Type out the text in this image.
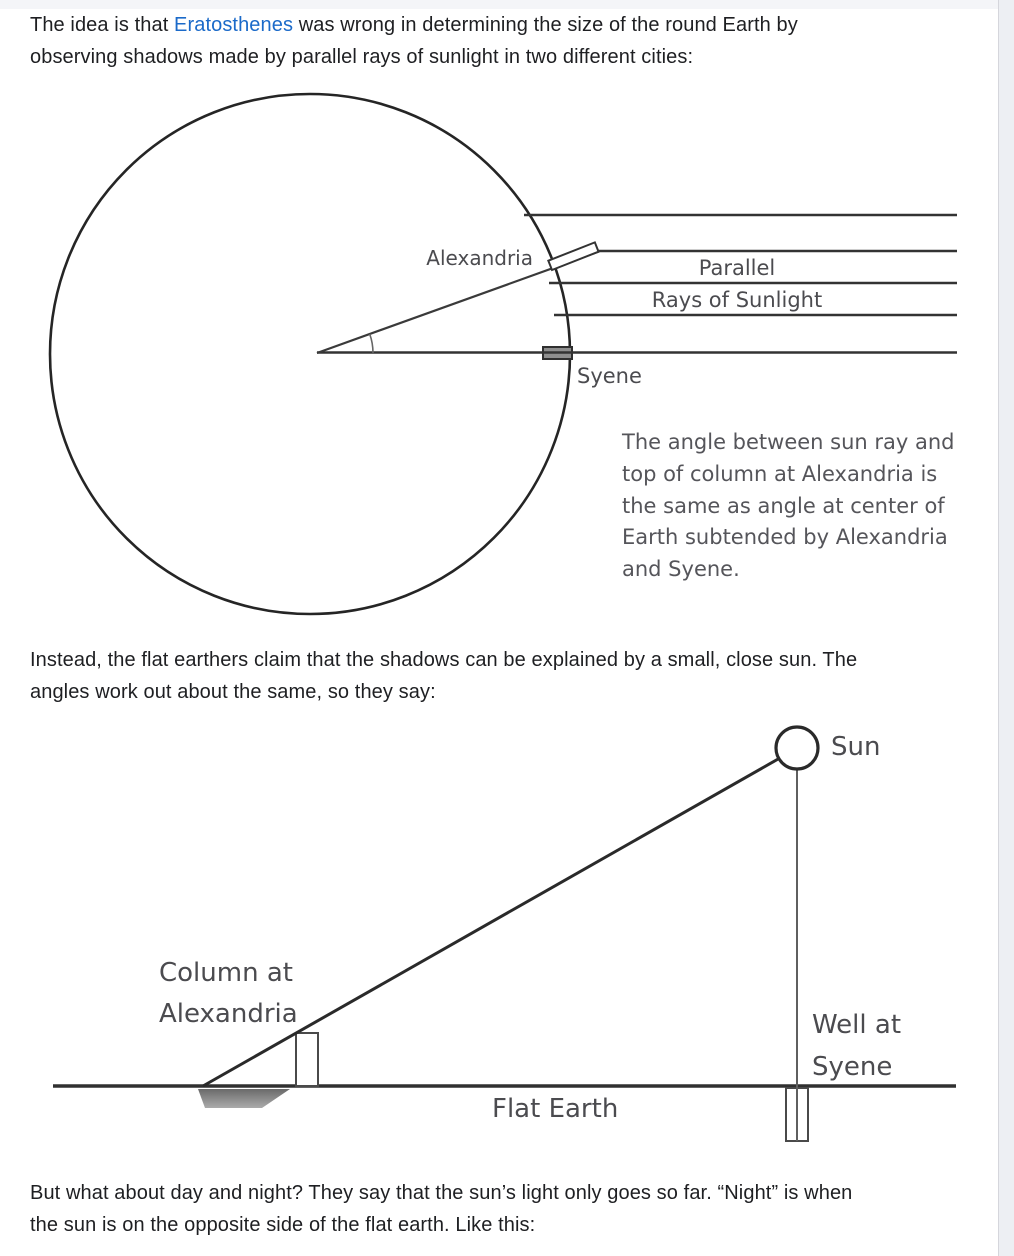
The idea is that Eratosthenes was wrong in determining the size of the round Earth by
observing shadows made by parallel rays of sunlight in two different cities:

Alexandria
Syene
Parallel
Rays of Sunlight
The angle between sun ray and
top of column at Alexandria is
the same as angle at center of
Earth subtended by Alexandria
and Syene.

Instead, the flat earthers claim that the shadows can be explained by a small, close sun. The
angles work out about the same, so they say:

Sun
Column at
Alexandria	Well at
Syene
Flat Earth

But what about day and night? They say that the sun’s light only goes so far. “Night” is when
the sun is on the opposite side of the flat earth. Like this:
